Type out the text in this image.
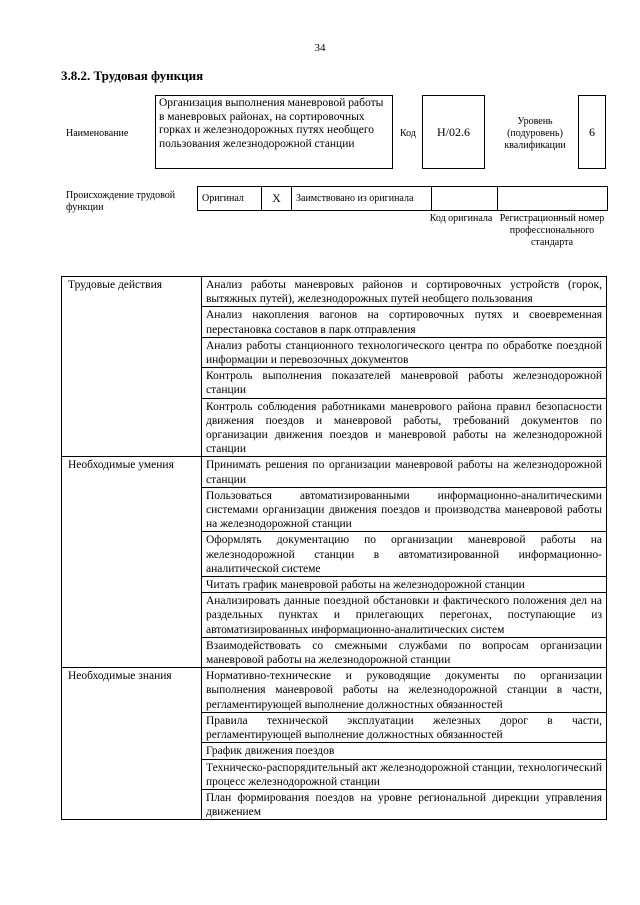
34
3.8.2. Трудовая функция
Наименование
Организация выполнения маневровой работы в маневровых районах, на сортировочных горках и железнодорожных путях необщего пользования железнодорожной станции
Код Н/02.6
Уровень (подуровень) квалификации
6
Происхождение трудовой функции
Оригинал	X	Заимствовано из оригинала		
Код оригинала Регистрационный номер профессионального стандарта
Трудовые действия	Анализ работы маневровых районов и сортировочных устройств (горок, вытяжных путей), железнодорожных путей необщего пользования
	Анализ накопления вагонов на сортировочных путях и своевременная перестановка составов в парк отправления
	Анализ работы станционного технологического центра по обработке поездной информации и перевозочных документов
	Контроль выполнения показателей маневровой работы железнодорожной станции
	Контроль соблюдения работниками маневрового района правил безопасности движения поездов и маневровой работы, требований документов по организации движения поездов и маневровой работы на железнодорожной станции
Необходимые умения	Принимать решения по организации маневровой работы на железнодорожной станции
	Пользоваться автоматизированными информационно-аналитическими системами организации движения поездов и производства маневровой работы на железнодорожной станции
	Оформлять документацию по организации маневровой работы на железнодорожной станции в автоматизированной информационно-аналитической системе
	Читать график маневровой работы на железнодорожной станции
	Анализировать данные поездной обстановки и фактического положения дел на раздельных пунктах и прилегающих перегонах, поступающие из автоматизированных информационно-аналитических систем
	Взаимодействовать со смежными службами по вопросам организации маневровой работы на железнодорожной станции
Необходимые знания	Нормативно-технические и руководящие документы по организации выполнения маневровой работы на железнодорожной станции в части, регламентирующей выполнение должностных обязанностей
	Правила технической эксплуатации железных дорог в части, регламентирующей выполнение должностных обязанностей
	График движения поездов
	Техническо-распорядительный акт железнодорожной станции, технологический процесс железнодорожной станции
	План формирования поездов на уровне региональной дирекции управления движением
